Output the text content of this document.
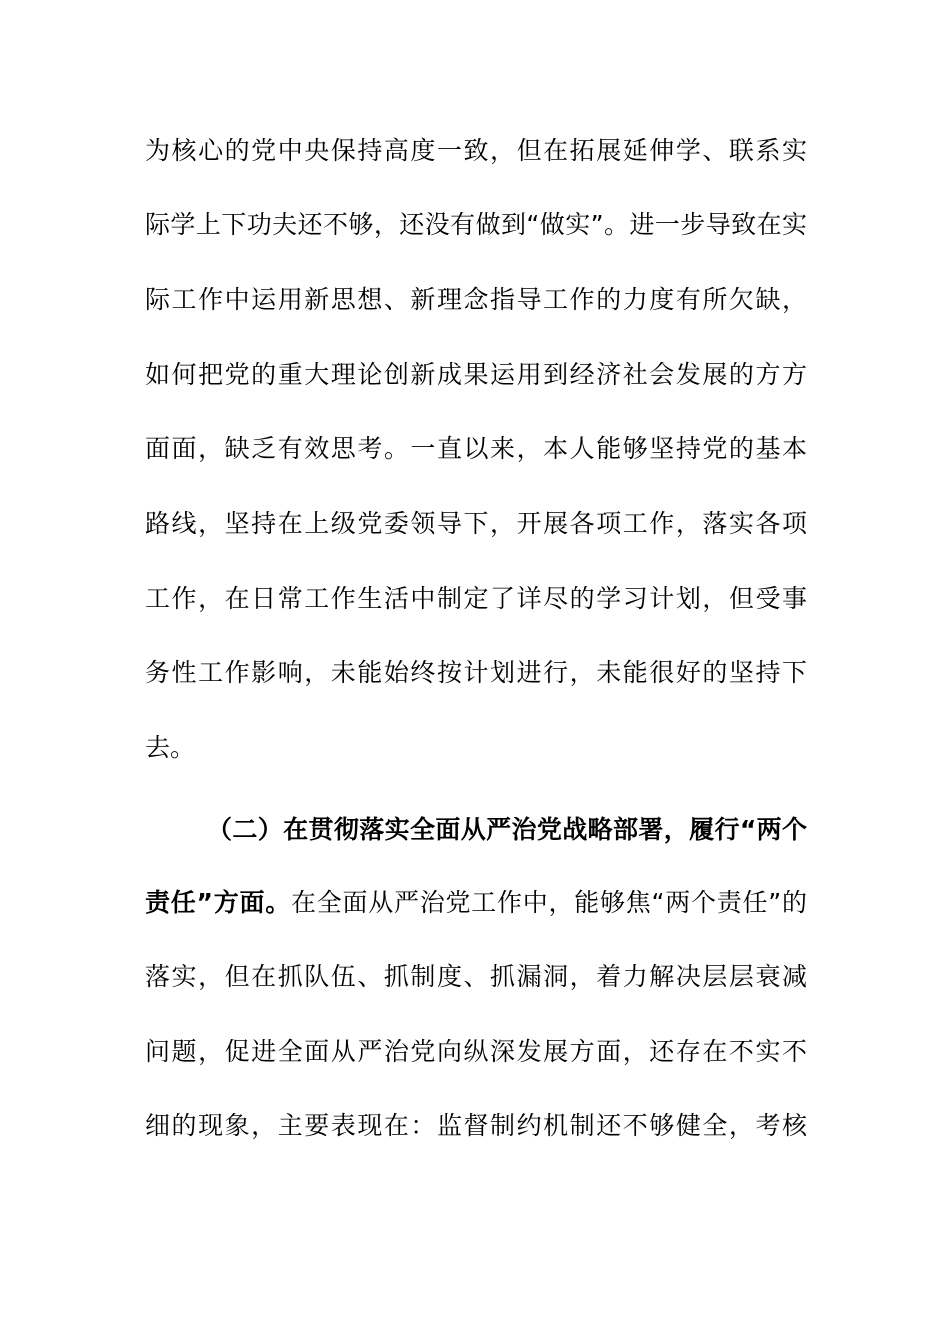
为核心的党中央保持高度一致，但在拓展延伸学、联系实
际学上下功夫还不够，还没有做到“做实”。进一步导致在实
际工作中运用新思想、新理念指导工作的力度有所欠缺，
如何把党的重大理论创新成果运用到经济社会发展的方方
面面，缺乏有效思考。一直以来，本人能够坚持党的基本
路线，坚持在上级党委领导下，开展各项工作，落实各项
工作，在日常工作生活中制定了详尽的学习计划，但受事
务性工作影响，未能始终按计划进行，未能很好的坚持下
去。
（二）在贯彻落实全面从严治党战略部署，履行“两个
责任”方面。在全面从严治党工作中，能够焦“两个责任”的
落实，但在抓队伍、抓制度、抓漏洞，着力解决层层衰减
问题，促进全面从严治党向纵深发展方面，还存在不实不
细的现象，主要表现在：监督制约机制还不够健全，考核
